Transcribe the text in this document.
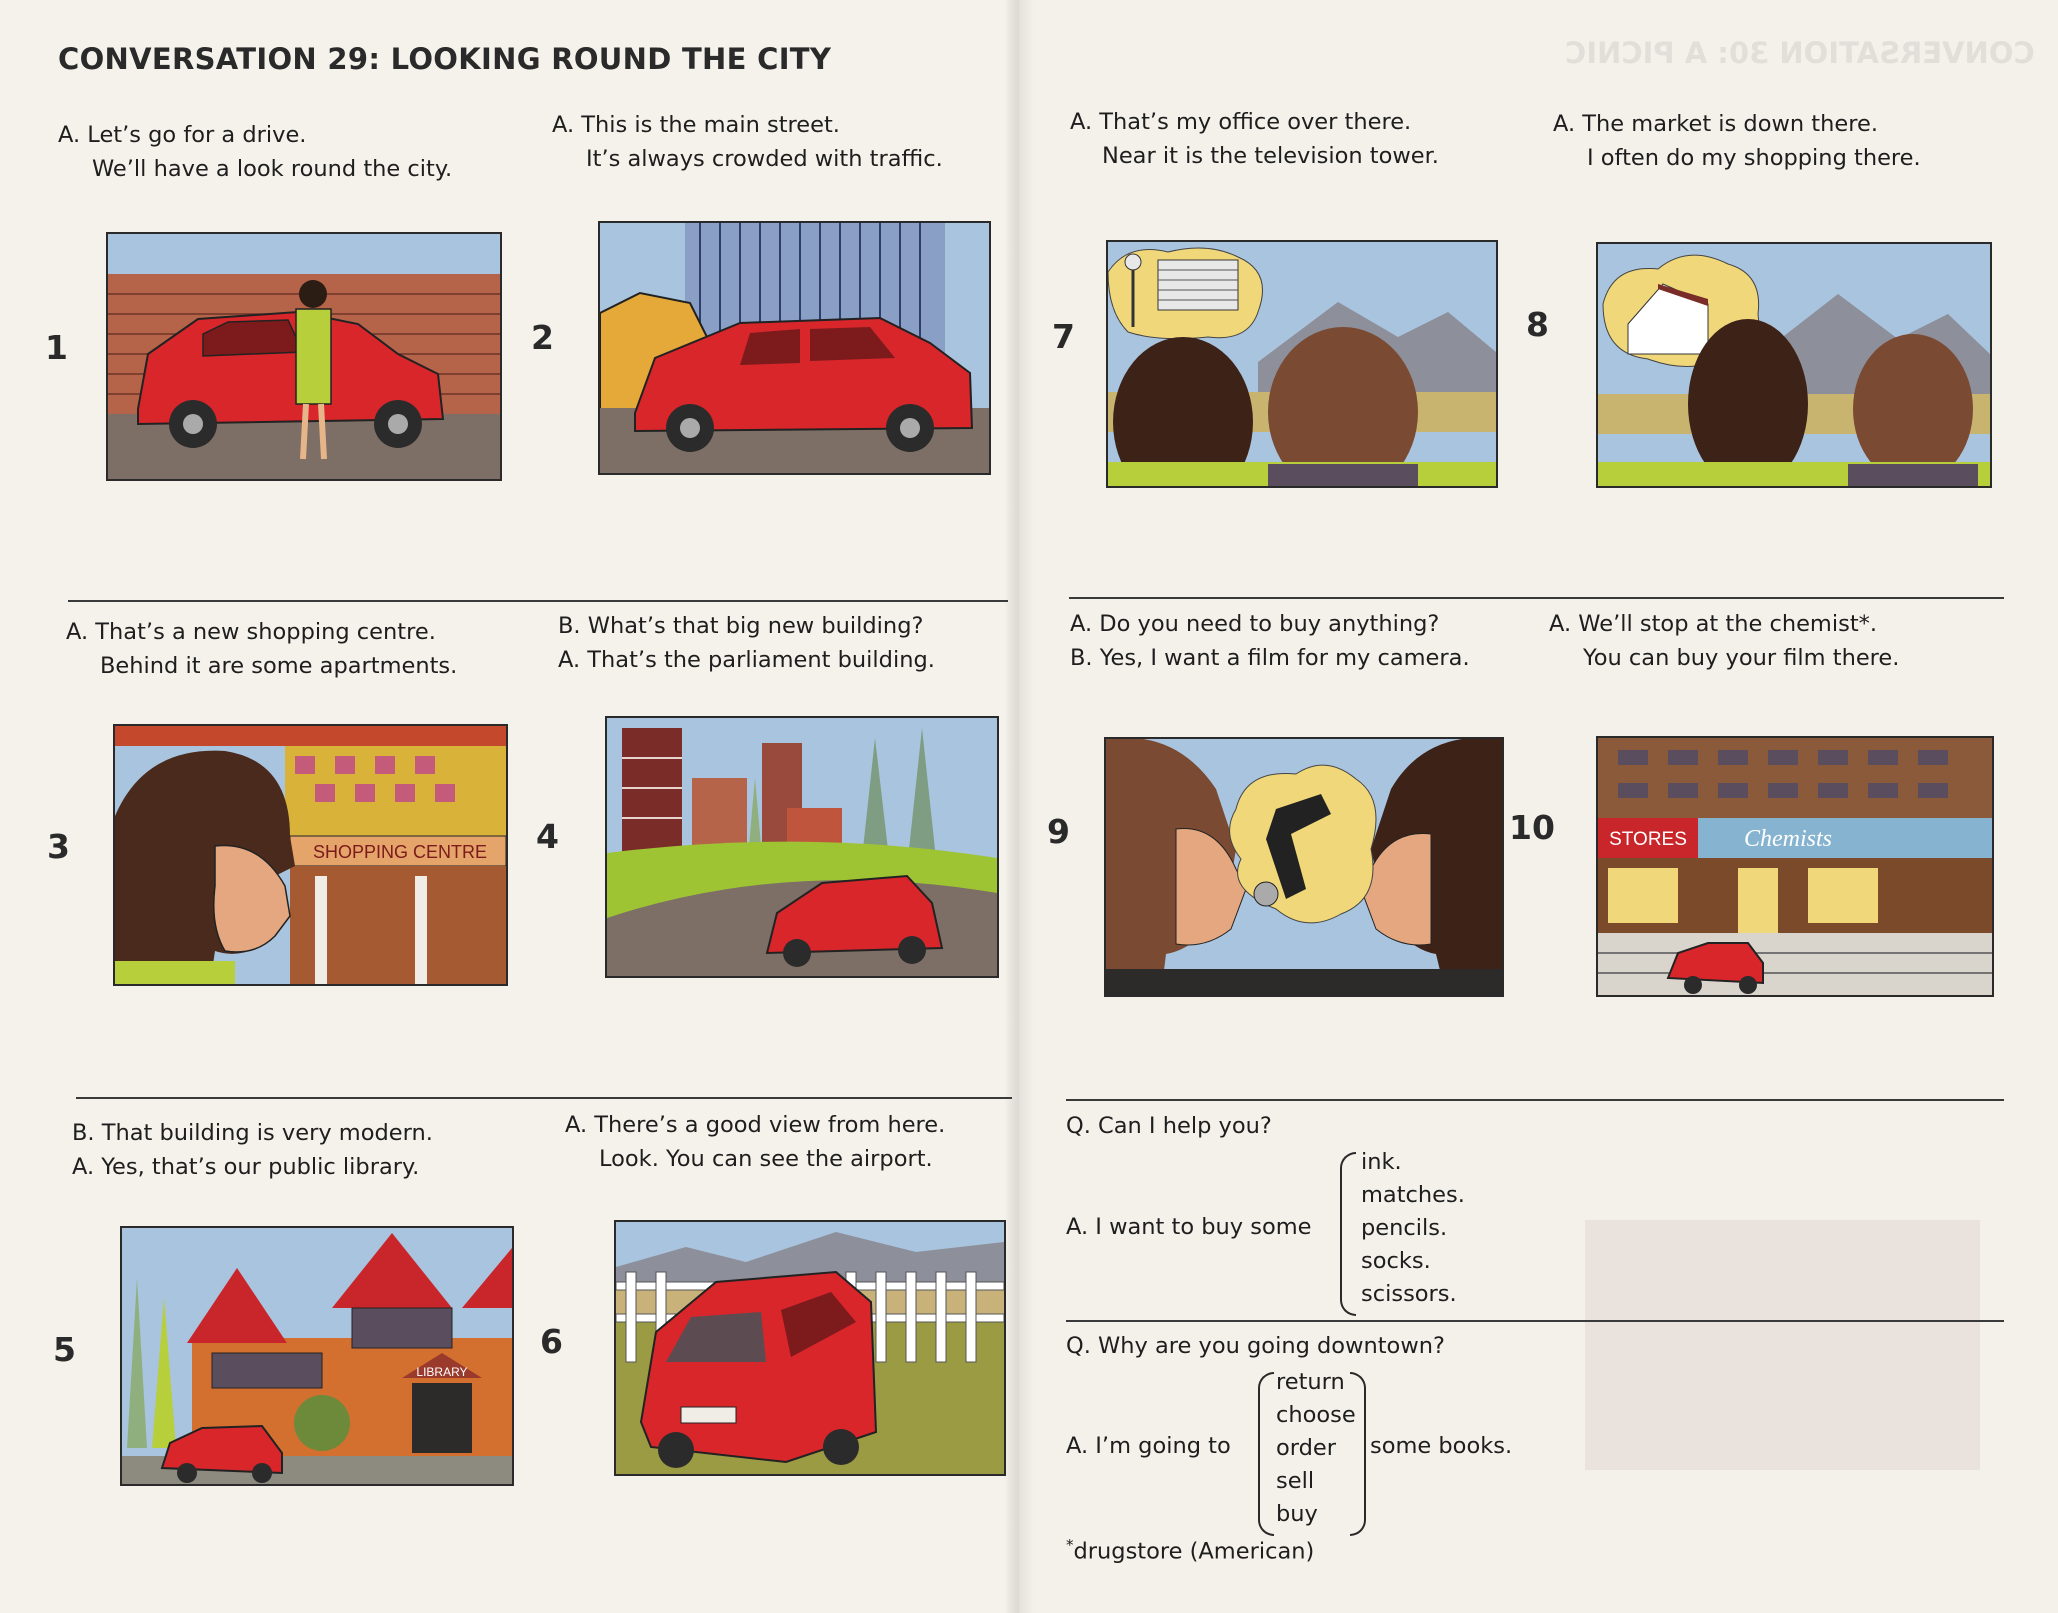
CONVERSATION 30: A PICNIC
CONVERSATION 29: LOOKING ROUND THE CITY
A. Let’s go for a drive.
We’ll have a look round the city.
A. This is the main street.
It’s always crowded with traffic.
A. That’s a new shopping centre.
Behind it are some apartments.
B. What’s that big new building?
A. That’s the parliament building.
B. That building is very modern.
A. Yes, that’s our public library.
A. There’s a good view from here.
Look. You can see the airport.
A. That’s my office over there.
Near it is the television tower.
A. The market is down there.
I often do my shopping there.
A. Do you need to buy anything?
B. Yes, I want a film for my camera.
A. We’ll stop at the chemist*.
You can buy your film there.
1	2
3	4
5	6
7	8
9	10
SHOPPING CENTRE
LIBRARY
STORES Chemists
Q. Can I help you?
A. I want to buy some
ink.
matches.
pencils.
socks.
scissors.
Q. Why are you going downtown?
A. I’m going to
return
choose
order
sell
buy
some books.
*drugstore (American)
